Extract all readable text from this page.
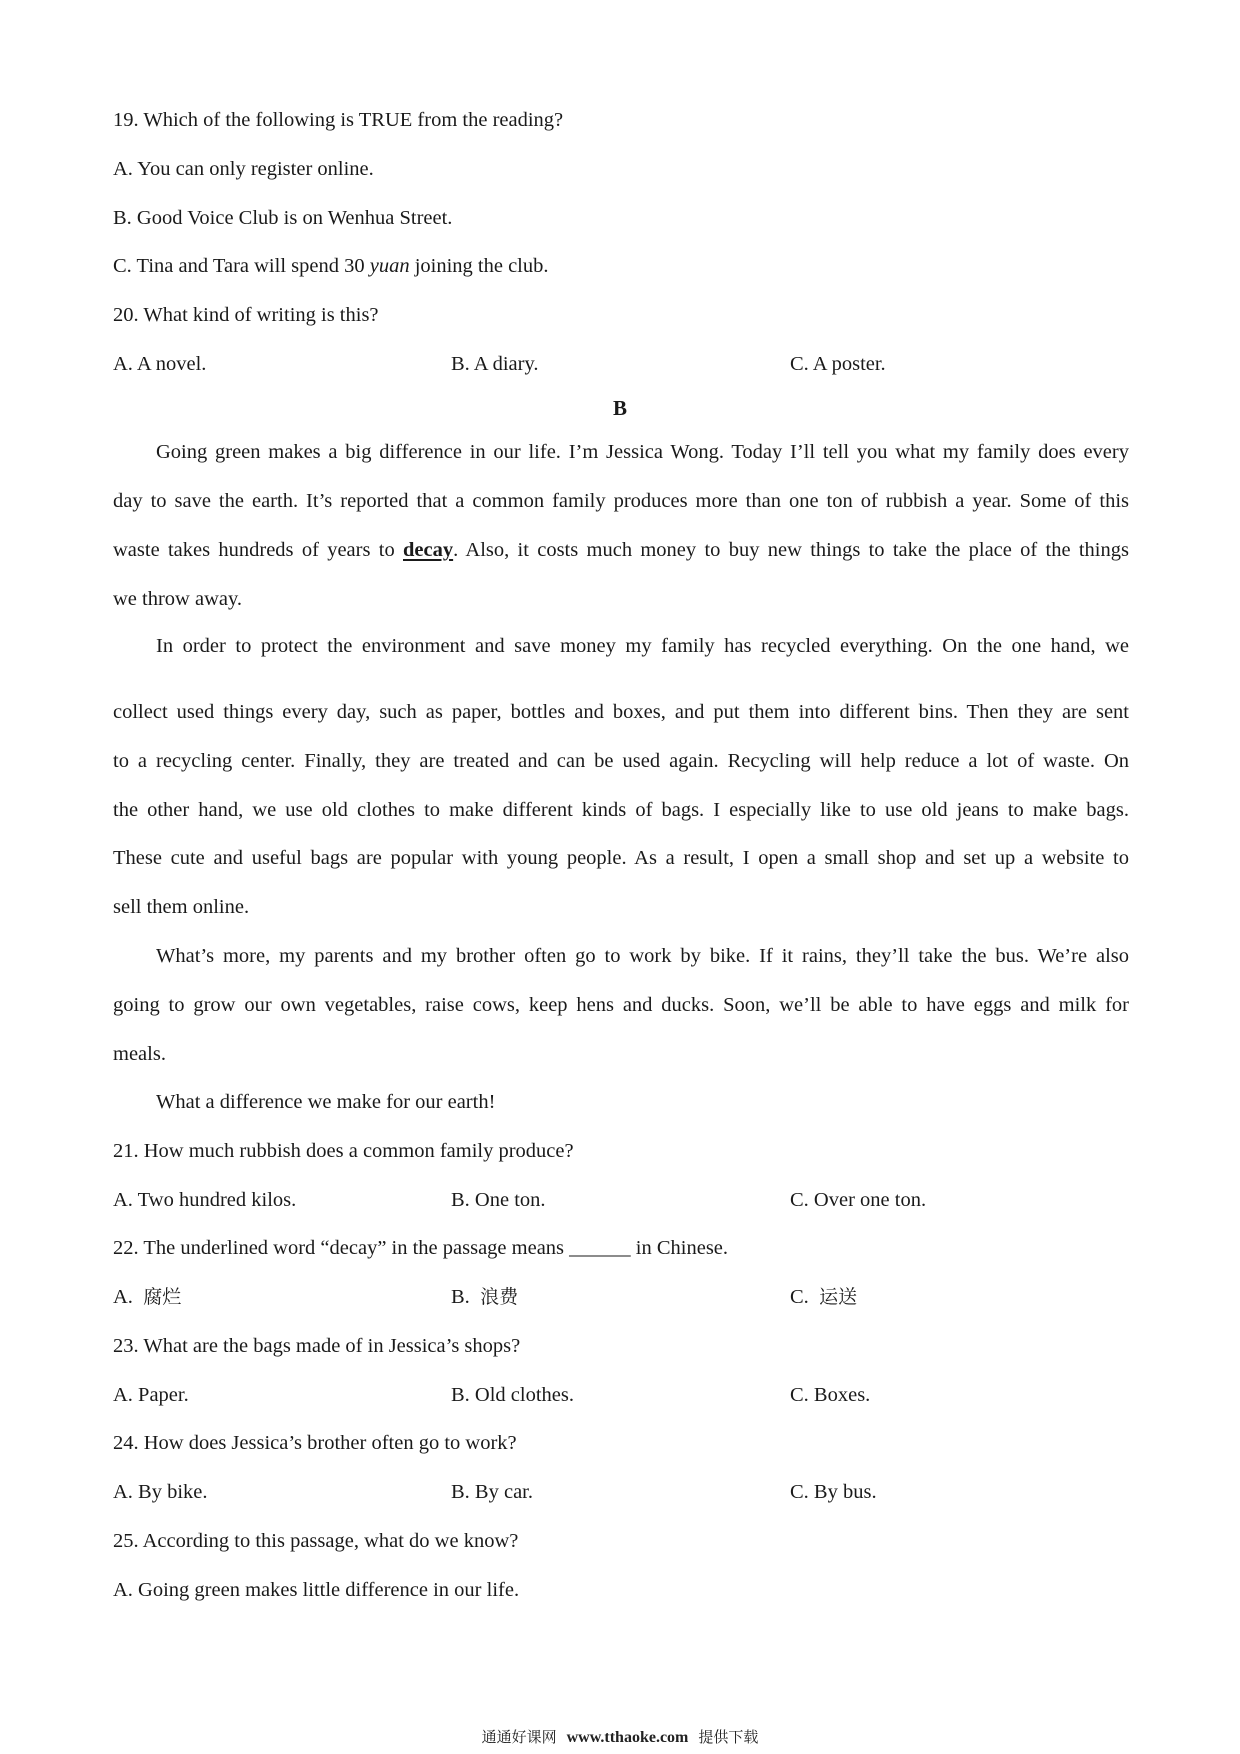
19. Which of the following is TRUE from the reading?
A. You can only register online.
B. Good Voice Club is on Wenhua Street.
C. Tina and Tara will spend 30 yuan joining the club.
20. What kind of writing is this?
A. A novel.	B. A diary.	C. A poster.
B
Going green makes a big difference in our life. I’m Jessica Wong. Today I’ll tell you what my family does every
day to save the earth. It’s reported that a common family produces more than one ton of rubbish a year. Some of this
waste takes hundreds of years to decay. Also, it costs much money to buy new things to take the place of the things
we throw away.
In order to protect the environment and save money my family has recycled everything. On the one hand, we
collect used things every day, such as paper, bottles and boxes, and put them into different bins. Then they are sent
to a recycling center. Finally, they are treated and can be used again. Recycling will help reduce a lot of waste. On
the other hand, we use old clothes to make different kinds of bags. I especially like to use old jeans to make bags.
These cute and useful bags are popular with young people. As a result, I open a small shop and set up a website to
sell them online.
What’s more, my parents and my brother often go to work by bike. If it rains, they’ll take the bus. We’re also
going to grow our own vegetables, raise cows, keep hens and ducks. Soon, we’ll be able to have eggs and milk for
meals.
What a difference we make for our earth!
21. How much rubbish does a common family produce?
A. Two hundred kilos.	B. One ton.	C. Over one ton.
22. The underlined word “decay” in the passage means ______ in Chinese.
A. 腐烂	B. 浪费	C. 运送
23. What are the bags made of in Jessica’s shops?
A. Paper.	B. Old clothes.	C. Boxes.
24. How does Jessica’s brother often go to work?
A. By bike.	B. By car.	C. By bus.
25. According to this passage, what do we know?
A. Going green makes little difference in our life.
通通好课网 www.tthaoke.com 提供下载
